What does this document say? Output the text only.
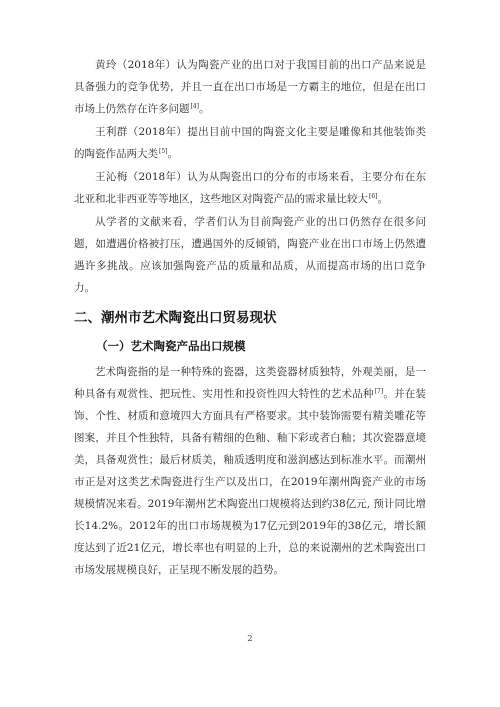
黄玲（2018年）认为陶瓷产业的出口对于我国目前的出口产品来说是具备强力的竞争优势，并且一直在出口市场是一方霸主的地位，但是在出口市场上仍然存在许多问题[4]。

王利群（2018年）提出目前中国的陶瓷文化主要是雕像和其他装饰类的陶瓷作品两大类[5]。

王沁梅（2018年）认为从陶瓷出口的分布的市场来看，主要分布在东北亚和北非西亚等等地区，这些地区对陶瓷产品的需求量比较大[6]。

从学者的文献来看，学者们认为目前陶瓷产业的出口仍然存在很多问题，如遭遇价格被打压，遭遇国外的反倾销，陶瓷产业在出口市场上仍然遭遇许多挑战。应该加强陶瓷产品的质量和品质，从而提高市场的出口竞争力。

二、潮州市艺术陶瓷出口贸易现状
（一）艺术陶瓷产品出口规模

艺术陶瓷指的是一种特殊的瓷器，这类瓷器材质独特，外观美丽，是一种具备有观赏性、把玩性、实用性和投资性四大特性的艺术品种[7]。并在装饰、个性、材质和意境四大方面具有严格要求。其中装饰需要有精美雕花等图案，并且个性独特，具备有精细的色釉、釉下彩或者白釉；其次瓷器意境美，具备观赏性；最后材质美，釉质透明度和滋润感达到标准水平。而潮州市正是对这类艺术陶瓷进行生产以及出口，在2019年潮州陶瓷产业的市场规模情况来看。2019年潮州艺术陶瓷出口规模将达到约38亿元, 预计同比增长14.2%。2012年的出口市场规模为17亿元到2019年的38亿元，增长额度达到了近21亿元，增长率也有明显的上升，总的来说潮州的艺术陶瓷出口市场发展规模良好，正呈现不断发展的趋势。

2
